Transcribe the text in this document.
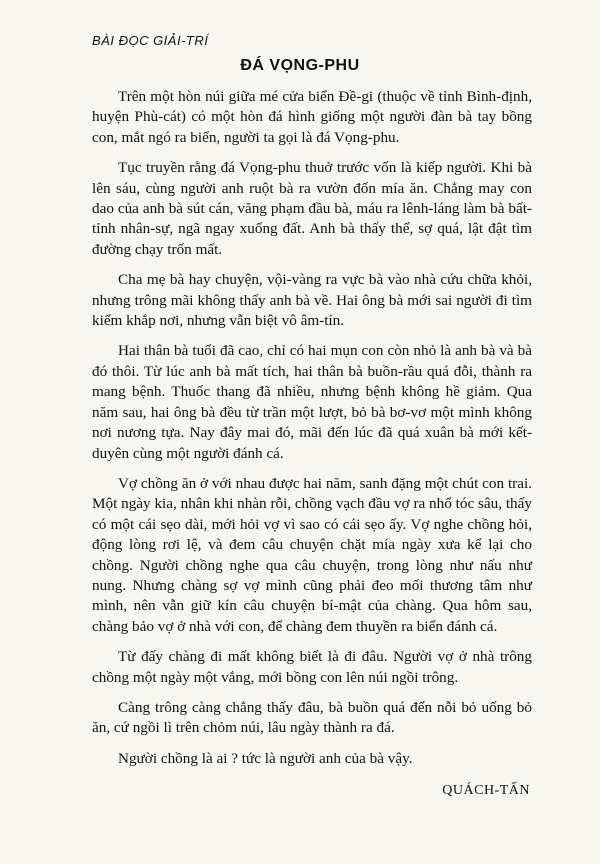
BÀI ĐỌC GIẢI-TRÍ
ĐÁ VỌNG-PHU

Trên một hòn núi giữa mé cửa biển Đề-gi (thuộc về tỉnh Bình-định, huyện Phù-cát) có một hòn đá hình giống một người đàn bà tay bồng con, mắt ngó ra biển, người ta gọi là đá Vọng-phu.

Tục truyền rằng đá Vọng-phu thuở trước vốn là kiếp người. Khi bà lên sáu, cùng người anh ruột bà ra vườn đốn mía ăn. Chẳng may con dao của anh bà sút cán, văng phạm đầu bà, máu ra lênh-láng làm bà bất-tỉnh nhân-sự, ngã ngay xuống đất. Anh bà thấy thế, sợ quá, lật đật tìm đường chạy trốn mất.

Cha mẹ bà hay chuyện, vội-vàng ra vực bà vào nhà cứu chữa khỏi, nhưng trông mãi không thấy anh bà về. Hai ông bà mới sai người đi tìm kiếm khắp nơi, nhưng vẫn biệt vô âm-tín.

Hai thân bà tuổi đã cao, chỉ có hai mụn con còn nhỏ là anh bà và bà đó thôi. Từ lúc anh bà mất tích, hai thân bà buồn-rầu quá đỗi, thành ra mang bệnh. Thuốc thang đã nhiều, nhưng bệnh không hề giảm. Qua năm sau, hai ông bà đều từ trần một lượt, bỏ bà bơ-vơ một mình không nơi nương tựa. Nay đây mai đó, mãi đến lúc đã quá xuân bà mới kết-duyên cùng một người đánh cá.

Vợ chồng ăn ở với nhau được hai năm, sanh đặng một chút con trai. Một ngày kia, nhân khi nhàn rỗi, chồng vạch đầu vợ ra nhổ tóc sâu, thấy có một cái sẹo dài, mới hỏi vợ vì sao có cái sẹo ấy. Vợ nghe chồng hỏi, động lòng rơi lệ, và đem câu chuyện chặt mía ngày xưa kể lại cho chồng. Người chồng nghe qua câu chuyện, trong lòng như nấu như nung. Nhưng chàng sợ vợ mình cũng phải đeo mối thương tâm như mình, nên vẫn giữ kín câu chuyện bí-mật của chàng. Qua hôm sau, chàng bảo vợ ở nhà với con, để chàng đem thuyền ra biển đánh cá.

Từ đấy chàng đi mất không biết là đi đâu. Người vợ ở nhà trông chồng một ngày một vắng, mới bồng con lên núi ngồi trông.

Càng trông càng chẳng thấy đâu, bà buồn quá đến nỗi bỏ uống bỏ ăn, cứ ngồi lì trên chỏm núi, lâu ngày thành ra đá.

Người chồng là ai ? tức là người anh của bà vậy.

QUÁCH-TẤN
